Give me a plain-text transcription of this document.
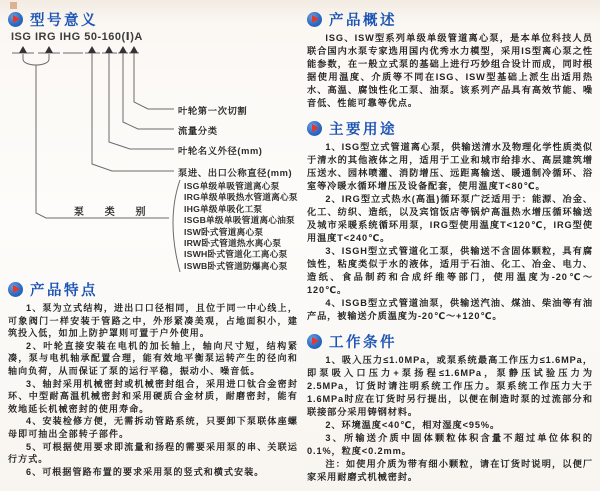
型号意义
ISG IRG IHG 50-160(Ⅰ)A
叶轮第一次切割
流量分类
叶轮名义外径(mm)
泵进、出口公称直径(mm)
泵 类 别
ISG单级单吸管道离心泵
IRG单级单吸热水管道离心泵
IHG单级单吸化工泵
ISGB单级单吸管道离心油泵
ISW卧式管道离心泵
IRW卧式管道热水离心泵
ISWH卧式管道化工离心泵
ISWB卧式管道防爆离心泵
产品特点

1、泵为立式结构，进出口口径相同，且位于同一中心线上，可象阀门一样安装于管路之中，外形紧凑美观，占地面积小，建筑投入低，如加上防护罩则可置于户外使用。

2、叶轮直接安装在电机的加长轴上，轴向尺寸短，结构紧凑，泵与电机轴承配置合理，能有效地平衡泵运转产生的径向和轴向负荷，从而保证了泵的运行平稳，振动小、噪音低。

3、轴封采用机械密封或机械密封组合，采用进口钛合金密封环、中型耐高温机械密封和采用硬质合金材质，耐磨密封，能有效地延长机械密封的使用寿命。

4、安装检修方便，无需拆动管路系统，只要卸下泵联体座螺母即可抽出全部转子部件。

5、可根据使用要求即流量和扬程的需要采用泵的串、关联运行方式。

6、可根据管路布置的要求采用泵的竖式和横式安装。

产品概述

ISG、ISW型系列单级单级管道离心泵，是本单位科技人员联合国内水泵专家选用国内优秀水力模型，采用IS型离心泵之性能参数，在一般立式泵的基础上进行巧妙组合设计而成，同时根据使用温度、介质等不同在ISG、ISW型基础上派生出适用热水、高温、腐蚀性化工泵、油泵。该系列产品具有高效节能、噪音低、性能可靠等优点。

主要用途

1、ISG型立式管道离心泵，供输送清水及物理化学性质类似于清水的其他液体之用，适用于工业和城市给排水、高层建筑增压送水、园林喷灌、消防增压、远距离输送、暖通制冷循环、浴室等冷暖水循环增压及设备配套，使用温度T<80℃。

2、IRG型立式热水(高温)循环泵广泛适用于：能源、冶金、化工、纺织、造纸，以及宾馆饭店等锅炉高温热水增压循环输送及城市采暖系统循环用泵，IRG型使用温度T<120℃，IRG型使用温度T<240℃。

3、ISGH型立式管道化工泵，供输送不含固体颗粒，具有腐蚀性，粘度类似于水的液体，适用于石油、化工、冶金、电力、造纸、食品制药和合成纤维等部门，使用温度为-20℃～120℃。

4、ISGB型立式管道油泵，供输送汽油、煤油、柴油等有油产品，被输送介质温度为-20℃～+120℃。

工作条件

1、吸入压力≤1.0MPa，或泵系统最高工作压力≤1.6MPa，即泵吸入口压力+泵扬程≤1.6MPa，泵静压试验压力为2.5MPa，订货时请注明系统工作压力。泵系统工作压力大于1.6MPa时应在订货时另行提出，以便在制造时泵的过流部分和联接部分采用铸钢材料。

2、环境温度<40℃，相对湿度<95%。

3、所输送介质中固体颗粒体积含量不超过单位体积的0.1%，粒度<0.2mm。

注：如使用介质为带有细小颗粒，请在订货时说明，以便厂家采用耐磨式机械密封。
